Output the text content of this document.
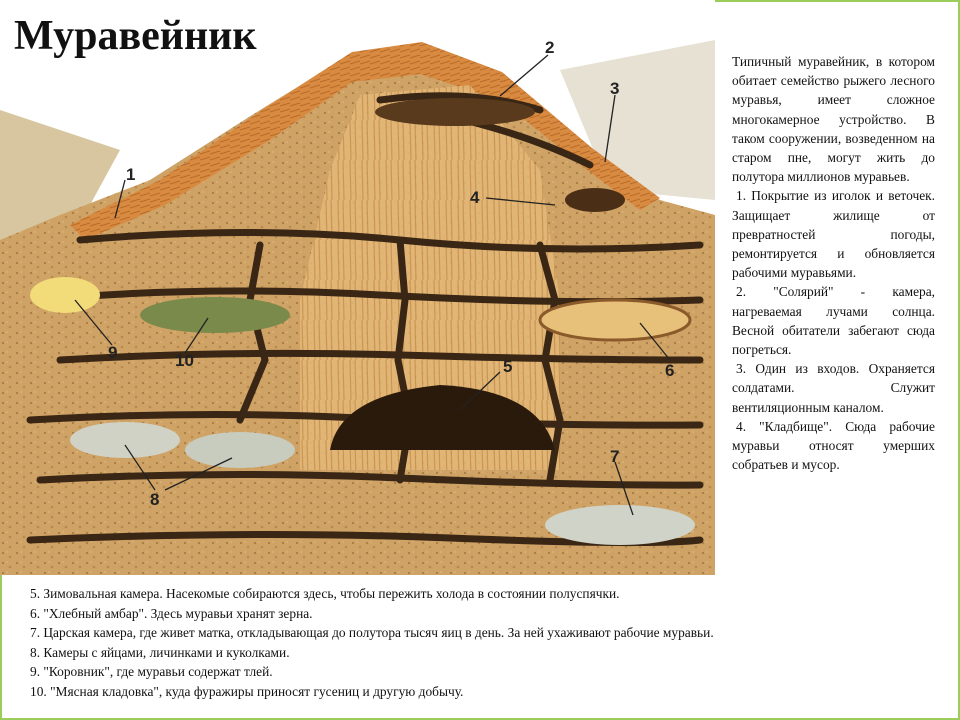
1
2
3
4
5	6
7
8
9	10
Муравейник

Типичный муравейник, в котором обитает семейство рыжего лесного муравья, имеет сложное многокамерное устройство. В таком сооружении, возведенном на старом пне, могут жить до полутора миллионов муравьев.

1. Покрытие из иголок и веточек. Защищает жилище от превратностей погоды, ремонтируется и обновляется рабочими муравьями.

2. "Солярий" - камера, нагреваемая лучами солнца. Весной обитатели забегают сюда погреться.

3. Один из входов. Охраняется солдатами. Служит вентиляционным каналом.

4. "Кладбище". Сюда рабочие муравьи относят умерших собратьев и мусор.

5. Зимовальная камера. Насекомые собираются здесь, чтобы пережить холода в состоянии полуспячки.
6. "Хлебный амбар". Здесь муравьи хранят зерна.
7. Царская камера, где живет матка, откладывающая до полутора тысяч яиц в день. За ней ухаживают рабочие муравьи.
8. Камеры с яйцами, личинками и куколками.
9. "Коровник", где муравьи содержат тлей.
10. "Мясная кладовка", куда фуражиры приносят гусениц и другую добычу.
